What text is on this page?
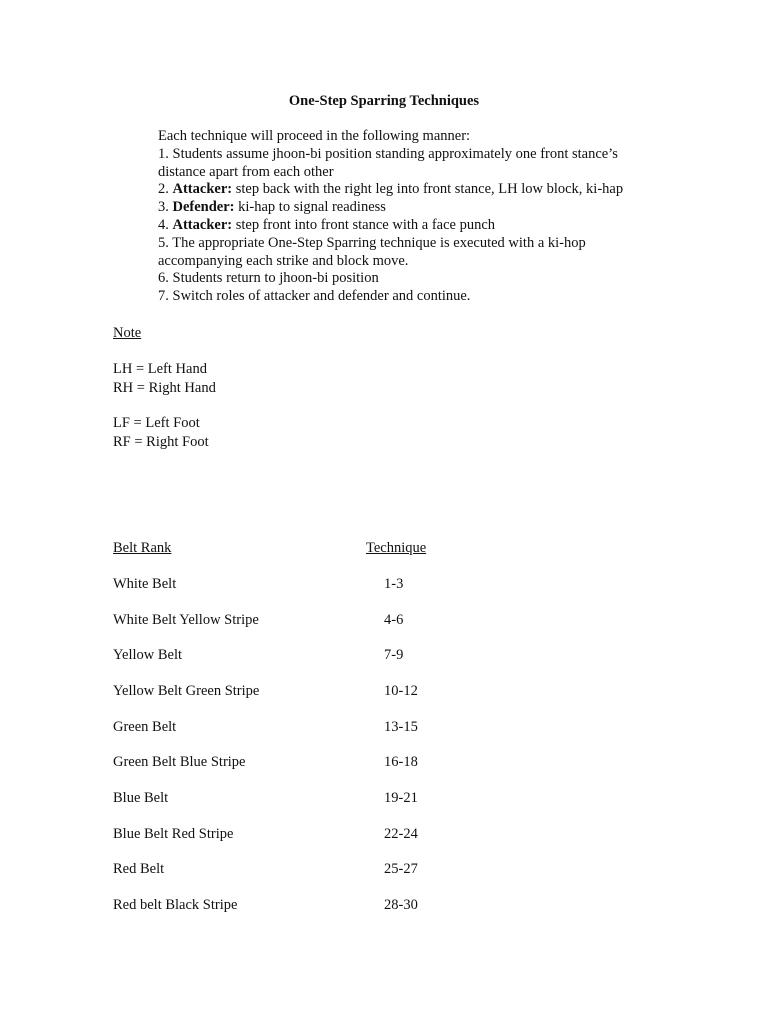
One-Step Sparring Techniques
Each technique will proceed in the following manner:
1. Students assume jhoon-bi position standing approximately one front stance’s
distance apart from each other
2. Attacker: step back with the right leg into front stance, LH low block, ki-hap
3. Defender: ki-hap to signal readiness
4. Attacker: step front into front stance with a face punch
5. The appropriate One-Step Sparring technique is executed with a ki-hop
accompanying each strike and block move.
6. Students return to jhoon-bi position
7. Switch roles of attacker and defender and continue.
Note
LH = Left Hand
RH = Right Hand
LF = Left Foot
RF = Right Foot
Belt Rank	Technique
White Belt	1-3
White Belt Yellow Stripe	4-6
Yellow Belt	7-9
Yellow Belt Green Stripe	10-12
Green Belt	13-15
Green Belt Blue Stripe	16-18
Blue Belt	19-21
Blue Belt Red Stripe	22-24
Red Belt	25-27
Red belt Black Stripe	28-30
